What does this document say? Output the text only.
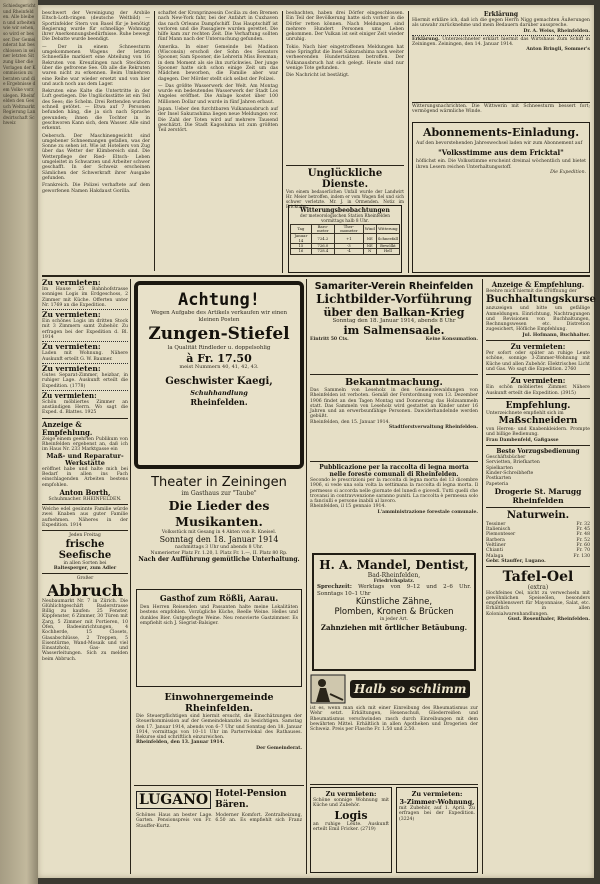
Schiedsgericht und Rheinfelden. Alle bleiben und arbeiten wie wir sehen, so wird er besser. Der Gemeinderat hat beschlossen in seiner letzten Sitzung über die Vorlagen der Kommission zu beraten und die Ergebnisse dem Volke vorzulegen. Rheinfelden den Gesuch Weltmarkt Regierung Landwirtschaft Schweiz

beschwert der Vereinigung der Arsbile Eltsch-Loth-ringen (deutsche Weltbild) — Sportinfelder Stern von Basel für je benötigt Regierung wurde für schnellige Wohnung ihrer Anerkennungsbedürfnisse. Ruhe bewegt Die Debatte wurde beendigt.

— Der in einem Schneesturm umgekommenen Wagens der letzten Schneefälle markiert eine Abteilung von 16 Rekruten von Kreuzlingen nach Steckborn über die gefrorene See. Ob alle die Rekruten waren nicht zu erkennen. Beim Umkehren eine Reihe war wieder ersetzt und von hier und auch noch aus dem Lager.

Rekruten eine Kalte die Untertritte in der Luft gestiegen. Die Unglücksstätte ist ein Teil des Sees; die Schelm. Drei Rettenden wurden schnell getötet. — Etwa auf 7 Personen befunden häng, die ja sich nach Sprache gewunden; ihnen die Tochter in in geschworen Kann sich, dem Wasser. Alle sind erkennt.

Oebersch. Der Maschinengesicht sind umgebener Schneemangen gefallen, was der Sonne zu sehen ist. Wie ist Hoteliers von Zug über das Wetter der Klimbereich sind. Die Wetterpflege der Ried- Eltsch- Leben umgeleitet in Schwarzen und Arbeiter schwer geschafft. In der Schweiz erscheinen Sämlichen der Schwerkraft ihrer Ausgabe gefunden.

Frankreich. Die Polizei verhaftete auf dem geworfenen Namen Hakdaust Gorilla.

schaftet der Kronprinzessin Cecilia zu den Bremen nach New-York fahr, bei der Anfahrt in Cuxhaven das nach Orleans Dampfschiff. Das Hauptschiff ist verloren und die Passagiere wurden gerettet. Die hilfe kam zur rechten Zeit. Die Verhaftung sollten fünf Mann nach der Untersuchung gefunden.

Amerika. In einer Gemeinde bei Madison (Wisconsin) erschoß der Sohn des Senators Spooner, Sam Spooner, die Lehrerin Miss Bowman; in dem Moment als sie ihn zurückwies. Der junge Spooner hatte sich schon einige Zeit um das Mädchen beworben, die Familie aber war dagegen. Der Mörder stellt sich selbst der Polizei.

— Das größte Wasserwerk der Welt. Am Montag wurde ein bedeutendes Wasserwerk der Stadt Los Angeles eröffnet. Die Anlage kostet über 100 Millionen Dollar und wurde in fünf Jahren erbaut.

Japan. Ueber den furchtbaren Vulkanausbruch auf der Insel Sakurashima liegen neue Meldungen vor. Die Zahl der Toten wird auf mehrere Tausend geschätzt. Die Stadt Kagoshima ist zum größten Teil zerstört.

beobachten, haben drei Dörfer eingeschlossen. Ein Teil der Bevölkerung hatte sich vorher in die Dörfer retten können. Nach Meldungen sind mehrere Hundert Personen ums Leben gekommen. Der Vulkan ist seit einiger Zeit wieder unruhig.

Tokio. Nach hier eingetroffenen Meldungen hat eine Springflut die Insel Sakurashima nach weiter verheerenden Hundertsätzen betroffen. Der Vulkanausbruch hat sich gelegt. Heute sind nur wenige Tote gefunden.

Die Nachricht ist bestätigt.

Unglückliche Dienste.

Von einem bedauerlichen Unfall wurde der Landwirt Hr. Meier betroffen, indem er vom Wagen fiel und sich schwer verletzte. Mr. J. in Ormenden. Notiz im Fricktaler.

Witterungsbeobachtungen

der meteorologischen Station Rheinfelden vormittags halb 8 Uhr.

Tag	Baro-meter	Ther-mometer	Wind	Witterung
Januar 14	724.2	+1	NE	Schneefall
15	726.0	-3	NE	Bewölkt
16	728.4	-4	N	Hell

Erklärung

Hiermit erkläre ich, daß ich die gegen Herrn Nigg gemachten Äußerungen als unwahr zurücknehme und mein Bedauern darüber ausspreche.

Dr. A. Weiss, Rheinfelden.

Erklärung. Unterzeichneter erklärt hiermit das Wirtshaus Zum Schiff in Zeiningen. Zeiningen, den 14. Januar 1914.

Anton Bringli, Sommer's

Witterungsnachrichten. Die Wittwerin mit Schneesturm bessert fort; vermögend wärmliche Winde.

Abonnements-Einladung.

Auf den bevorstehenden Jahreswechsel laden wir zum Abonnement auf

"Volksstimme aus dem Fricktal"

höflichst ein. Die Volksstimme erscheint dreimal wöchentlich und bietet ihren Lesern reichen Unterhaltungsstoff.

Die Expedition.

Zu vermieten:

Im Hause 25 Bahnhofstrasse sonniges Logis im Erdgeschoss, 2 Zimmer mit Küche. Offerten unter Nr. 1769 an die Expedition.

Zu vermieten:

Ein schönes Logis im dritten Stock mit 3 Zimmern samt Zubehör. Zu erfragen bei der Expedition d. Bl. 1914

Zu vermieten:

Laden mit Wohnung. Nähere Auskunft erteilt G. W. Baumer.

Zu vermieten:

Gutes Separat-Zimmer, heizbar, in ruhiger Lage. Auskunft erteilt die Expedition. (1778)

Zu vermieten:

Schön möbliertes Zimmer an anständigen Herrn. Wo sagt die Exped. d. Blattes. 1925

Anzeige & Empfehlung.

Zeige einem geehrten Publikum von Rheinfelden ergebenst an, daß ich im Haus Nr. 233 Marktgasse ein

Maß- und Reparatur-Werkstätte

eröffnet habe und halte mich bei Bedarf in allen ins Fach einschlagenden Arbeiten bestens empfohlen.

Anton Borth,

Schuhmacher. RHEINFELDEN.

Welche edel gesinnte Familie würde zwei Knaben aus guter Familie aufnehmen. Näheres in der Expedition. 1914

Jeden Freitag

frische Seefische

in allen Sorten bei

Baltesperger, zum Adler

Großer

Abbruch

Neubaumarkt Nr. 7 in Zürich. Die Glühlichtgeschäft Baslerstrasse Billig zu kaufen: 25 Fenster, Kippfenster, 6 Zimmer, 30 Türen mit Zarg, 5 Zimmer mit Portieren, 10 Öfen, Badeeinrichtungen, 4 Kochherde, 15 Closets, Glasabschlüsse, 2 Treppen, 5 Eisentürme, Wand-Mosaik und viel Einsatzholz, Gas- und Wasserleitungen. Sich zu melden beim Abbruch.

Achtung!

Wegen Aufgabe des Artikels verkaufen wir einen kleinen Posten

Zungen-Stiefel

la Qualität Rindleder u. doppelsohlig

à Fr. 17.50

meist Nummern 40, 41, 42, 43.

Geschwister Kaegi,

Schuhhandlung

Rheinfelden.

Theater in Zeiningen

im Gasthaus zur "Taube"

Die Lieder des Musikanten.

Volksstück mit Gesang in 4 Akten von R. Kneisel.

Sonntag den 18. Januar 1914

nachmittags 3 Uhr und abends 8 Uhr.

Numerierter Platz Fr. 1.20, I. Platz Fr. 1.—, II. Platz 80 Rp.

Nach der Aufführung gemütliche Unterhaltung.

Gasthof zum Rößli, Aarau.

Den Herren Reisenden und Passanten halte meine Lokalitäten bestens empfohlen. Vorzügliche Küche, Reelle Weine. Helles und dunkles Bier. Gutgepflegte Weine. Neu renovierte Gastzimmer. Es empfiehlt sich J. Siegrist-Balsiger.

Einwohnergemeinde Rheinfelden.

Die Steuerpflichtigen sind hiermit ersucht, die Einschätzungen der Steuerkommission auf der Gemeindekanzlei zu besichtigen. Samstag den 17. Januar 1914, abends von 6–7 Uhr und Sonntag den 18. Januar 1914, vormittags von 10–11 Uhr im Parterrelokal des Rathauses. Rekurse sind schriftlich einzureichen.

Rheinfelden, den 13. Januar 1914.

Der Gemeinderat.

LUGANO Hotel-Pension Bären.

Schönes Haus an bester Lage. Moderner Komfort. Zentralheizung, Garten. Pensionspreis von Fr. 6.50 an. Es empfiehlt sich Franz Stauffer-Kurtz.

Samariter-Verein Rheinfelden

Lichtbilder-Vorführung

über den Balkan-Krieg

Sonntag den 18. Januar 1914, abends 8 Uhr

im Salmensaale.

Eintritt 50 Cts.	Keine Konsumation.

Bekanntmachung.

Das Sammeln von Leseholz in den Gemeindewaldungen von Rheinfelden ist verboten. Gemäß der Forstordnung vom 13. Dezember 1906 findet an den Tagen Montag und Donnerstag das Holzsammeln statt. Das Sammeln von Leseholz wird gestattet an Kinder unter 16 Jahren und an erwerbsunfähige Personen. Dawiderhandelnde werden gebüßt.

Rheinfelden, den 15. Januar 1914.

Stadtforstverwaltung Rheinfelden.

Pubblicazione per la raccolta di legna morta nelle foreste comunali di Rheinfelden.

Secondo le prescrizioni per la raccolta di legna morta del 13 dicembre 1906, si vede una sola volta la settimana la raccolta di legna morta. Il permesso si accorda nelle giornate del lunedì e giovedì. Tutti quelli che trovansi in contravvenzione saranno puniti. La raccolta è permessa solo a fanciulli e persone inabili al lavoro.

Rheinfelden, il 15 gennaio 1914.

L'amministrazione forestale comunale.

H. A. Mandel, Dentist,

Bad-Rheinfelden,

Friedrichsplatz.

Sprechzeit: Werktags von 9–12 und 2–6 Uhr. Sonntags 10–1 Uhr

Künstliche Zähne,

Plomben, Kronen & Brücken

in jeder Art.

Zahnziehen mit örtlicher Betäubung.

Halb so schlimm

ist es, wenn man sich mit einer Einreibung des Rheumatismus zur Wehr setzt. Erkältungen, Hexenschuß, Gliederreißen und Rheumatismus verschwinden rasch durch Einreibungen mit dem bewährten Mittel. Erhältlich in allen Apotheken und Drogerien der Schweiz. Preis per Flasche Fr. 1.50 und 2.50.

Zu vermieten:

Schöne sonnige Wohnung mit Küche und Zubehör.

Logis

an ruhige Leute. Auskunft erteilt Emil Fricker. (2719)

Zu vermieten:

3-Zimmer-Wohnung,

mit Zubehör, auf 1. April. Zu erfragen bei der Expedition. (3224)

Anzeige & Empfehlung.

Beehre mich hiermit die Eröffnung der

Buchhaltungskurse

anzuzeigen und bitte um gefällige Anmeldungen. Einrichtung, Nachtragungen und Revisionen von Buchhaltungen, Rechnungswesen etc. Distretion zugesichert, Höfliche Empfehlung.

Jul. Hofmann, Buchhalter.

Zu vermieten:

Per sofort oder später an ruhige Leute schöne, sonnige 3-Zimmer-Wohnung mit Küche und allen Zubehör. Elektrisches Licht und Gas. Wo sagt die Expedition. 2760

Zu vermieten:

Ein schön möbliertes Zimmer. Nähere Auskunft erteilt die Expedition. (3915)

Empfehlung.

Unterzeichnete empfiehlt sich im

Maßschneidern

von Herren- und Knabenkleidern. Prompte und billige Bedienung.

Frau Dambenfeld, Gaßgasse

Beste Vorzugsbedienung

Geschäftsbücher

Servietten, Briefkarten

Spielkarten

Kinder-Schreibhefte

Postkarten

Papeteria

Drogerie St. Marugg Rheinfelden

Naturwein.

Tessiner	Fr. 32
Italienisch	Fr. 45
Piemonteser	Fr. 48
Barbera	Fr. 52
Veltliner	Fr. 60
Chianti	Fr. 70
Malaga	Fr. 130

Gebr. Stauffer, Lugano.

Tafel-Oel

(extra)

Hochfeines Oel, nicht zu verwechseln mit gewöhnlichen Speiseölen, besonders empfehlenswert für Mayonnaise, Salat, etc. Erhältlich in allen Kolonialwarenhandlungen.

Gust. Rosenthaler, Rheinfelden.
